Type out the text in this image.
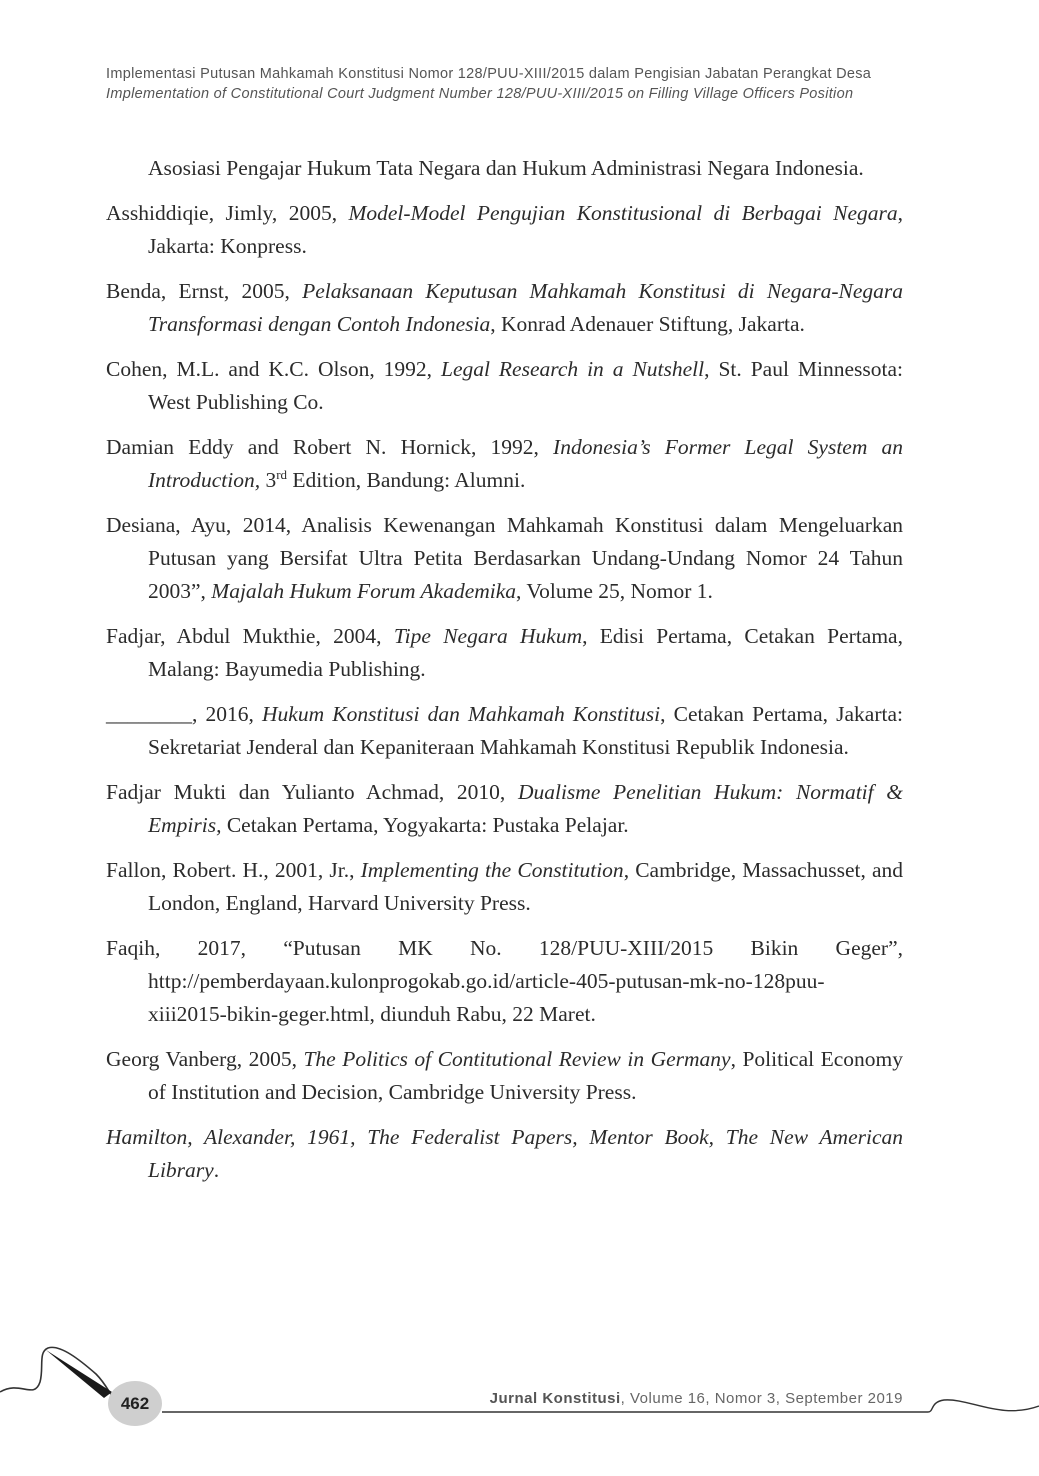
Implementasi Putusan Mahkamah Konstitusi Nomor 128/PUU-XIII/2015 dalam Pengisian Jabatan Perangkat Desa
Implementation of Constitutional Court Judgment Number 128/PUU-XIII/2015 on Filling Village Officers Position

Asosiasi Pengajar Hukum Tata Negara dan Hukum Administrasi Negara Indonesia.

Asshiddiqie, Jimly, 2005, Model-Model Pengujian Konstitusional di Berbagai Negara, Jakarta: Konpress.

Benda, Ernst, 2005, Pelaksanaan Keputusan Mahkamah Konstitusi di Negara-Negara Transformasi dengan Contoh Indonesia, Konrad Adenauer Stiftung, Jakarta.

Cohen, M.L. and K.C. Olson, 1992, Legal Research in a Nutshell, St. Paul Minnessota: West Publishing Co.

Damian Eddy and Robert N. Hornick, 1992, Indonesia’s Former Legal System an Introduction, 3rd Edition, Bandung: Alumni.

Desiana, Ayu, 2014, Analisis Kewenangan Mahkamah Konstitusi dalam Mengeluarkan Putusan yang Bersifat Ultra Petita Berdasarkan Undang-Undang Nomor 24 Tahun 2003”, Majalah Hukum Forum Akademika, Volume 25, Nomor 1.

Fadjar, Abdul Mukthie, 2004, Tipe Negara Hukum, Edisi Pertama, Cetakan Pertama, Malang: Bayumedia Publishing.

________, 2016, Hukum Konstitusi dan Mahkamah Konstitusi, Cetakan Pertama, Jakarta: Sekretariat Jenderal dan Kepaniteraan Mahkamah Konstitusi Republik Indonesia.

Fadjar Mukti dan Yulianto Achmad, 2010, Dualisme Penelitian Hukum: Normatif & Empiris, Cetakan Pertama, Yogyakarta: Pustaka Pelajar.

Fallon, Robert. H., 2001, Jr., Implementing the Constitution, Cambridge, Massachusset, and London, England, Harvard University Press.

Faqih, 2017, “Putusan MK No. 128/PUU-XIII/2015 Bikin Geger”, http://pemberdayaan.kulonprogokab.go.id/article-405-putusan-mk-no-128puu-xiii2015-bikin-geger.html, diunduh Rabu, 22 Maret.

Georg Vanberg, 2005, The Politics of Contitutional Review in Germany, Political Economy of Institution and Decision, Cambridge University Press.

Hamilton, Alexander, 1961, The Federalist Papers, Mentor Book, The New American Library.

462	Jurnal Konstitusi, Volume 16, Nomor 3, September 2019
